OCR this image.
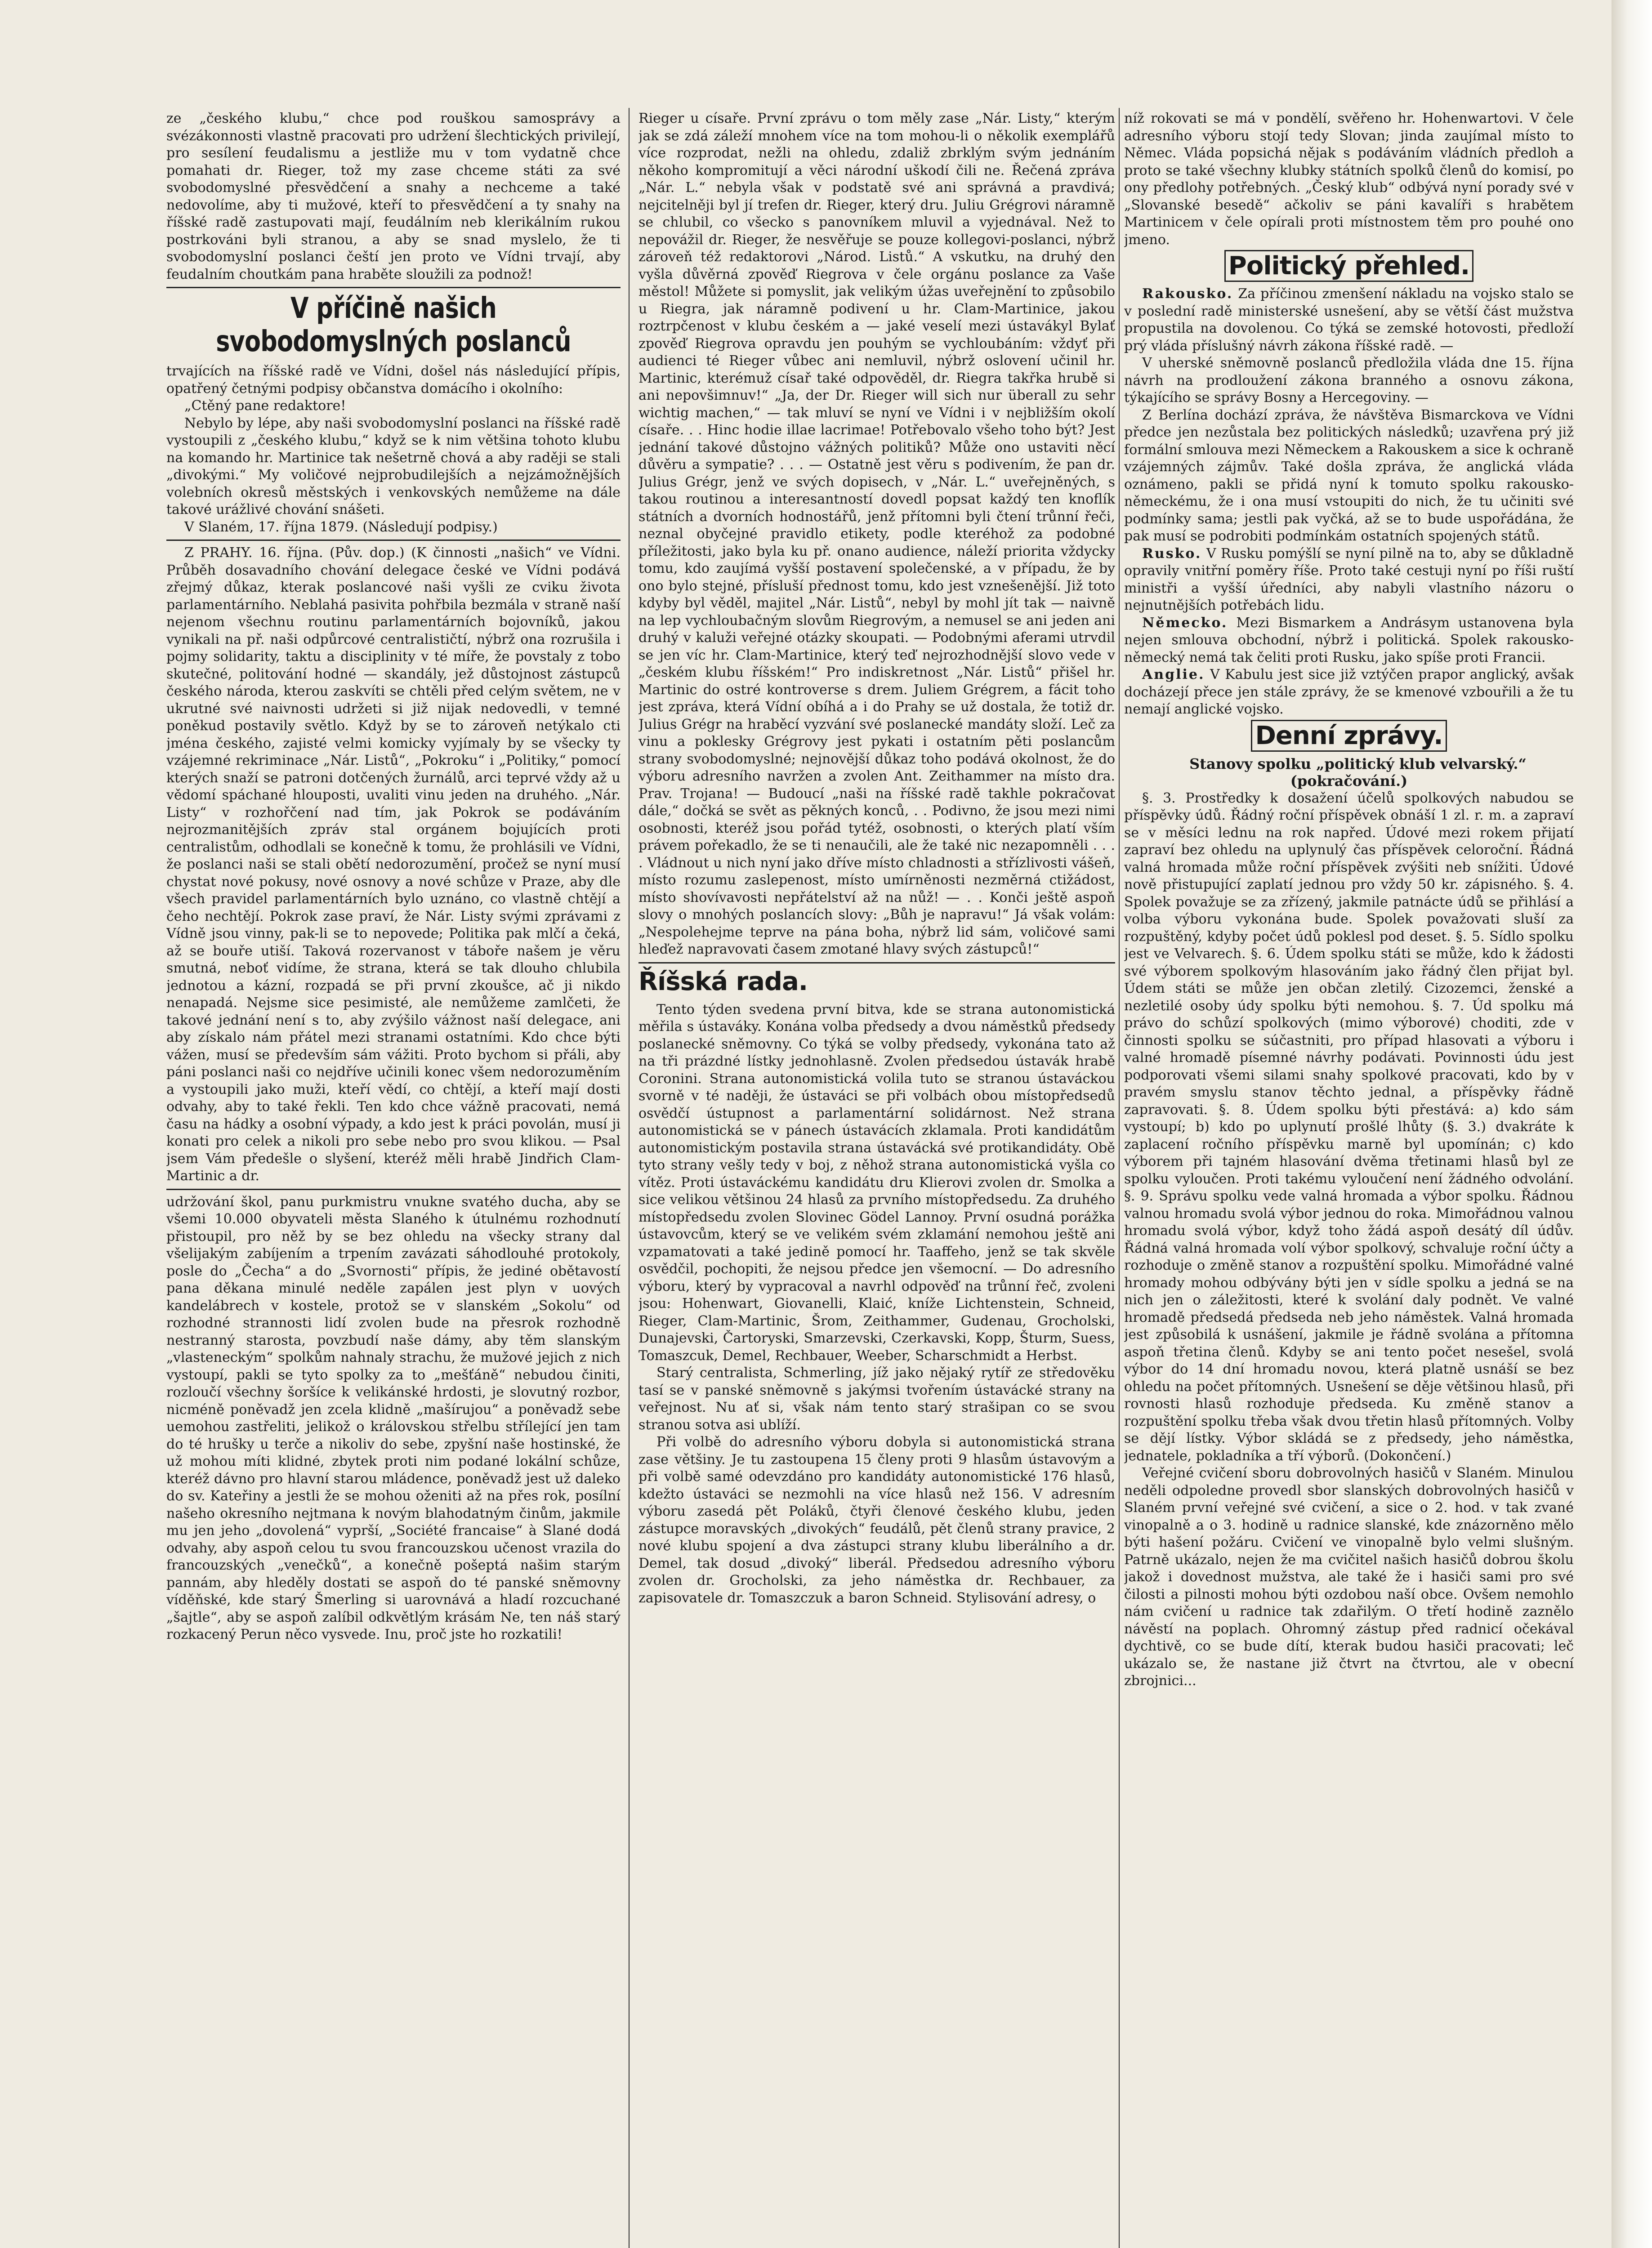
ze „českého klubu,“ chce pod rouškou samosprávy a svézákonnosti vlastně pracovati pro udržení šlechtických privilejí, pro sesílení feudalismu a jestliže mu v tom vydatně chce pomahati dr. Rieger, tož my zase chceme státi za své svobodomyslné přesvědčení a snahy a nechceme a také nedovolíme, aby ti mužové, kteří to přesvědčení a ty snahy na říšské radě zastupovati mají, feudálním neb klerikálním rukou postrkováni byli stranou, a aby se snad myslelo, že ti svobodomyslní poslanci čeští jen proto ve Vídni trvají, aby feudalním choutkám pana hraběte sloužili za podnož!

V příčině našich svobodomyslných poslanců

trvajících na říšské radě ve Vídni, došel nás následující přípis, opatřený četnými podpisy občanstva domácího i okolního:

„Ctěný pane redaktore!

Nebylo by lépe, aby naši svobodomyslní poslanci na říšské radě vystoupili z „českého klubu,“ když se k nim většina tohoto klubu na komando hr. Martinice tak nešetrně chová a aby raději se stali „divokými.“ My voličové nejprobudilejších a nejzámožnějších volebních okresů městských i venkovských nemůžeme na dále takové urážlivé chování snášeti.

V Slaném, 17. října 1879. (Následují podpisy.)

Z PRAHY. 16. října. (Pův. dop.) (K činnosti „našich“ ve Vídni. Průběh dosavadního chování delegace české ve Vídni podává zřejmý důkaz, kterak poslancové naši vyšli ze cviku života parlamentárního. Neblahá pasivita pohřbila bezmála v straně naší nejenom všechnu routinu parlamentárních bojovníků, jakou vynikali na př. naši odpůrcové centralističtí, nýbrž ona rozrušila i pojmy solidarity, taktu a disciplinity v té míře, že povstaly z tobo skutečné, politování hodné — skandály, jež důstojnost zástupců českého národa, kterou zaskvíti se chtěli před celým světem, ne v ukrutné své naivnosti udržeti si již nijak nedovedli, v temné poněkud postavily světlo. Když by se to zároveň netýkalo cti jména českého, zajisté velmi komicky vyjímaly by se všecky ty vzájemné rekriminace „Nár. Listů“, „Pokroku“ i „Politiky,“ pomocí kterých snaží se patroni dotčených žurnálů, arci teprvé vždy až u vědomí spáchané hlouposti, uvaliti vinu jeden na druhého. „Nár. Listy“ v rozhořčení nad tím, jak Pokrok se podáváním nejrozmanitějších zpráv stal orgánem bojujících proti centralistům, odhodlali se konečně k tomu, že prohlásili ve Vídni, že poslanci naši se stali obětí nedorozumění, pročež se nyní musí chystat nové pokusy, nové osnovy a nové schůze v Praze, aby dle všech pravidel parlamentárních bylo uznáno, co vlastně chtějí a čeho nechtějí. Pokrok zase praví, že Nár. Listy svými zprávami z Vídně jsou vinny, pak-li se to nepovede; Politika pak mlčí a čeká, až se bouře utiší. Taková rozervanost v táboře našem je věru smutná, neboť vidíme, že strana, která se tak dlouho chlubila jednotou a kázní, rozpadá se při první zkoušce, ač ji nikdo nenapadá. Nejsme sice pesimisté, ale nemůžeme zamlčeti, že takové jednání není s to, aby zvýšilo vážnost naší delegace, ani aby získalo nám přátel mezi stranami ostatními. Kdo chce býti vážen, musí se především sám vážiti. Proto bychom si přáli, aby páni poslanci naši co nejdříve učinili konec všem nedorozuměním a vystoupili jako muži, kteří vědí, co chtějí, a kteří mají dosti odvahy, aby to také řekli. Ten kdo chce vážně pracovati, nemá času na hádky a osobní výpady, a kdo jest k práci povolán, musí ji konati pro celek a nikoli pro sebe nebo pro svou klikou. — Psal jsem Vám předešle o slyšení, kteréž měli hrabě Jindřich Clam-Martinic a dr.

udržování škol, panu purkmistru vnukne svatého ducha, aby se všemi 10.000 obyvateli města Slaného k útulnému rozhodnutí přistoupil, pro něž by se bez ohledu na všecky strany dal všelijakým zabíjením a trpením zavázati sáhodlouhé protokoly, posle do „Čecha“ a do „Svornosti“ přípis, že jediné obětavostí pana děkana minulé neděle zapálen jest plyn v uových kandelábrech v kostele, protož se v slanském „Sokolu“ od rozhodné strannosti lidí zvolen bude na přesrok rozhodně nestranný starosta, povzbudí naše dámy, aby těm slanským „vlasteneckým“ spolkům nahnaly strachu, že mužové jejich z nich vystoupí, pakli se tyto spolky za to „mešťáně“ nebudou činiti, rozloučí všechny šoršíce k velikánské hrdosti, je slovutný rozbor, nicméně poněvadž jen zcela klidně „mašírujou“ a poněvadž sebe uemohou zastřeliti, jelikož o královskou střelbu střílející jen tam do té hrušky u terče a nikoliv do sebe, zpyšní naše hostinské, že už mohou míti klidné, zbytek proti nim podané lokální schůze, kteréž dávno pro hlavní starou mládence, poněvadž jest už daleko do sv. Kateřiny a jestli že se mohou oženiti až na přes rok, posílní našeho okresního nejtmana k novým blahodatným činům, jakmile mu jen jeho „dovolená“ vyprší, „Société francaise“ à Slané dodá odvahy, aby aspoň celou tu svou francouzskou učenost vrazila do francouzských „venečků“, a konečně pošeptá našim starým pannám, aby hleděly dostati se aspoň do té panské sněmovny víděňské, kde starý Šmerling si uarovnává a hladí rozcuchané „šajtle“, aby se aspoň zalíbil odkvětlým krásám Ne, ten náš starý rozkacený Perun něco vysvede. Inu, proč jste ho rozkatili!

Rieger u císaře. První zprávu o tom měly zase „Nár. Listy,“ kterým jak se zdá záleží mnohem více na tom mohou-li o několik exemplářů více rozprodat, nežli na ohledu, zdaliž zbrklým svým jednáním někoho kompromitují a věci národní uškodí čili ne. Řečená zpráva „Nár. L.“ nebyla však v podstatě své ani správná a pravdivá; nejcitelněji byl jí trefen dr. Rieger, který dru. Juliu Grégrovi náramně se chlubil, co všecko s panovníkem mluvil a vyjednával. Než to nepovážil dr. Rieger, že nesvěřuje se pouze kollegovi-poslanci, nýbrž zároveň též redaktorovi „Národ. Listů.“ A vskutku, na druhý den vyšla důvěrná zpověď Riegrova v čele orgánu poslance za Vaše městol! Můžete si pomyslit, jak velikým úžas uveřejnění to způsobilo u Riegra, jak náramně podivení u hr. Clam-Martinice, jakou roztrpčenost v klubu českém a — jaké veselí mezi ústavákyl Bylať zpověď Riegrova opravdu jen pouhým se vychloubáním: vždyť při audienci té Rieger vůbec ani nemluvil, nýbrž oslovení učinil hr. Martinic, kterémuž císař také odpověděl, dr. Riegra takřka hrubě si ani nepovšimnuv!“ „Ja, der Dr. Rieger will sich nur überall zu sehr wichtig machen,“ — tak mluví se nyní ve Vídni i v nejbližším okolí císaře. . . Hinc hodie illae lacrimae! Potřebovalo všeho toho být? Jest jednání takové důstojno vážných politiků? Může ono ustaviti něcí důvěru a sympatie? . . . — Ostatně jest věru s podivením, že pan dr. Julius Grégr, jenž ve svých dopisech, v „Nár. L.“ uveřejněných, s takou routinou a interesantností dovedl popsat každý ten knoflík státních a dvorních hodnostářů, jenž přítomni byli čtení trůnní řeči, neznal obyčejné pravidlo etikety, podle kteréhož za podobné příležitosti, jako byla ku př. onano audience, náleží priorita vždycky tomu, kdo zaujímá vyšší postavení společenské, a v případu, že by ono bylo stejné, přísluší přednost tomu, kdo jest vznešenější. Již toto kdyby byl věděl, majitel „Nár. Listů“, nebyl by mohl jít tak — naivně na lep vychloubačným slovům Riegrovým, a nemusel se ani jeden ani druhý v kaluži veřejné otázky skoupati. — Podobnými aferami utrvdil se jen víc hr. Clam-Martinice, který teď nejrozhodnější slovo vede v „českém klubu říšském!“ Pro indiskretnost „Nár. Listů“ přišel hr. Martinic do ostré kontroverse s drem. Juliem Grégrem, a fácit toho jest zpráva, která Vídní obíhá a i do Prahy se už dostala, že totiž dr. Julius Grégr na hraběcí vyzvání své poslanecké mandáty složí. Leč za vinu a poklesky Grégrovy jest pykati i ostatním pěti poslancům strany svobodomyslné; nejnovější důkaz toho podává okolnost, že do výboru adresního navržen a zvolen Ant. Zeithammer na místo dra. Prav. Trojana! — Budoucí „naši na říšské radě takhle pokračovat dále,“ dočká se svět as pěkných konců, . . Podivno, že jsou mezi nimi osobnosti, kteréž jsou pořád tytéž, osobnosti, o kterých platí vším právem pořekadlo, že se ti nenaučili, ale že také nic nezapomněli . . . . Vládnout u nich nyní jako dříve místo chladnosti a střízlivosti vášeň, místo rozumu zaslepenost, místo umírněnosti nezměrná ctižádost, místo shovívavosti nepřátelství až na nůž! — . . Konči ještě aspoň slovy o mnohých poslancích slovy: „Bůh je napravu!“ Já však volám: „Nespolehejme teprve na pána boha, nýbrž lid sám, voličové sami hleďež napravovati časem zmotané hlavy svých zástupců!“

Říšská rada.

Tento týden svedena první bitva, kde se strana autonomistická měřila s ústaváky. Konána volba předsedy a dvou náměstků předsedy poslanecké sněmovny. Co týká se volby předsedy, vykonána tato až na tři prázdné lístky jednohlasně. Zvolen předsedou ústavák hrabě Coronini. Strana autonomistická volila tuto se stranou ústaváckou svorně v té naději, že ústaváci se při volbách obou místopředsedů osvědčí ústupnost a parlamentární solidárnost. Než strana autonomistická se v pánech ústavácích zklamala. Proti kandidátům autonomistickým postavila strana ústavácká své protikandidáty. Obě tyto strany vešly tedy v boj, z něhož strana autonomistická vyšla co vítěz. Proti ústaváckému kandidátu dru Klierovi zvolen dr. Smolka a sice velikou většinou 24 hlasů za prvního místopředsedu. Za druhého místopředsedu zvolen Slovinec Gödel Lannoy. První osudná porážka ústavovcům, který se ve velikém svém zklamání nemohou ještě ani vzpamatovati a také jedině pomocí hr. Taaffeho, jenž se tak skvěle osvědčil, pochopiti, že nejsou předce jen všemocní. — Do adresního výboru, který by vypracoval a navrhl odpověď na trůnní řeč, zvoleni jsou: Hohenwart, Giovanelli, Klaić, kníže Lichtenstein, Schneid, Rieger, Clam-Martinic, Šrom, Zeithammer, Gudenau, Grocholski, Dunajevski, Čartoryski, Smarzevski, Czerkavski, Kopp, Šturm, Suess, Tomaszcuk, Demel, Rechbauer, Weeber, Scharschmidt a Herbst.

Starý centralista, Schmerling, jíž jako nějaký rytíř ze středověku tasí se v panské sněmovně s jakýmsi tvořením ústavácké strany na veřejnost. Nu ať si, však nám tento starý strašipan co se svou stranou sotva asi ublíží.

Při volbě do adresního výboru dobyla si autonomistická strana zase většiny. Je tu zastoupena 15 členy proti 9 hlasům ústavovým a při volbě samé odevzdáno pro kandidáty autonomistické 176 hlasů, kdežto ústaváci se nezmohli na více hlasů než 156. V adresním výboru zasedá pět Poláků, čtyři členové českého klubu, jeden zástupce moravských „divokých“ feudálů, pět členů strany pravice, 2 nové klubu spojení a dva zástupci strany klubu liberálního a dr. Demel, tak dosud „divoký“ liberál. Předsedou adresního výboru zvolen dr. Grocholski, za jeho náměstka dr. Rechbauer, za zapisovatele dr. Tomaszczuk a baron Schneid. Stylisování adresy, o

níž rokovati se má v pondělí, svěřeno hr. Hohenwartovi. V čele adresního výboru stojí tedy Slovan; jinda zaujímal místo to Němec. Vláda popsichá nějak s podáváním vládních předloh a proto se také všechny klubky státních spolků členů do komisí, po ony předlohy potřebných. „Český klub“ odbývá nyní porady své v „Slovanské besedě“ ačkoliv se páni kavalíři s hrabětem Martinicem v čele opírali proti místnostem těm pro pouhé ono jmeno.

Politický přehled.

Rakousko. Za příčinou zmenšení nákladu na vojsko stalo se v poslední radě ministerské usnešení, aby se větší část mužstva propustila na dovolenou. Co týká se zemské hotovosti, předloží prý vláda příslušný návrh zákona říšské radě. —

V uherské sněmovně poslanců předložila vláda dne 15. října návrh na prodloužení zákona branného a osnovu zákona, týkajícího se správy Bosny a Hercegoviny. —

Z Berlína dochází zpráva, že návštěva Bismarckova ve Vídni předce jen nezůstala bez politických následků; uzavřena prý již formální smlouva mezi Německem a Rakouskem a sice k ochraně vzájemných zájmův. Také došla zpráva, že anglická vláda oznámeno, pakli se přidá nyní k tomuto spolku rakousko-německému, že i ona musí vstoupiti do nich, že tu učiniti své podmínky sama; jestli pak vyčká, až se to bude uspořádána, že pak musí se podrobiti podmínkám ostatních spojených států.

Rusko. V Rusku pomýšlí se nyní pilně na to, aby se důkladně opravily vnitřní poměry říše. Proto také cestuji nyní po říši ruští ministři a vyšší úředníci, aby nabyli vlastního názoru o nejnutnějších potřebách lidu.

Německo. Mezi Bismarkem a Andrásym ustanovena byla nejen smlouva obchodní, nýbrž i politická. Spolek rakousko-německý nemá tak čeliti proti Rusku, jako spíše proti Francii.

Anglie. V Kabulu jest sice již vztýčen prapor anglický, avšak docházejí přece jen stále zprávy, že se kmenové vzbouřili a že tu nemají anglické vojsko.

Denní zprávy.

Stanovy spolku „politický klub velvarský.“ (pokračování.)

§. 3. Prostředky k dosažení účelů spolkových nabudou se příspěvky údů. Řádný roční příspěvek obnáší 1 zl. r. m. a zapraví se v měsíci lednu na rok napřed. Údové mezi rokem přijatí zapraví bez ohledu na uplynulý čas příspěvek celoroční. Řádná valná hromada může roční příspěvek zvýšiti neb snížiti. Údové nově přistupující zaplatí jednou pro vždy 50 kr. zápisného. §. 4. Spolek považuje se za zřízený, jakmile patnácte údů se přihlásí a volba výboru vykonána bude. Spolek považovati sluší za rozpuštěný, kdyby počet údů poklesl pod deset. §. 5. Sídlo spolku jest ve Velvarech. §. 6. Údem spolku státi se může, kdo k žádosti své výborem spolkovým hlasováním jako řádný člen přijat byl. Údem státi se může jen občan zletilý. Cizozemci, ženské a nezletilé osoby údy spolku býti nemohou. §. 7. Úd spolku má právo do schůzí spolkových (mimo výborové) choditi, zde v činnosti spolku se súčastniti, pro případ hlasovati a výboru i valné hromadě písemné návrhy podávati. Povinnosti údu jest podporovati všemi silami snahy spolkové pracovati, kdo by v pravém smyslu stanov těchto jednal, a příspěvky řádně zapravovati. §. 8. Údem spolku býti přestává: a) kdo sám vystoupí; b) kdo po uplynutí prošlé lhůty (§. 3.) dvakráte k zaplacení ročního příspěvku marně byl upomínán; c) kdo výborem při tajném hlasování dvěma třetinami hlasů byl ze spolku vyloučen. Proti takému vyloučení není žádného odvolání. §. 9. Správu spolku vede valná hromada a výbor spolku. Řádnou valnou hromadu svolá výbor jednou do roka. Mimořádnou valnou hromadu svolá výbor, když toho žádá aspoň desátý díl údův. Řádná valná hromada volí výbor spolkový, schvaluje roční účty a rozhoduje o změně stanov a rozpuštění spolku. Mimořádné valné hromady mohou odbývány býti jen v sídle spolku a jedná se na nich jen o záležitosti, které k svolání daly podnět. Ve valné hromadě předsedá předseda neb jeho náměstek. Valná hromada jest způsobilá k usnášení, jakmile je řádně svolána a přítomna aspoň třetina členů. Kdyby se ani tento počet nesešel, svolá výbor do 14 dní hromadu novou, která platně usnáší se bez ohledu na počet přítomných. Usnešení se děje většinou hlasů, při rovnosti hlasů rozhoduje předseda. Ku změně stanov a rozpuštění spolku třeba však dvou třetin hlasů přítomných. Volby se dějí lístky. Výbor skládá se z předsedy, jeho náměstka, jednatele, pokladníka a tří výborů. (Dokončení.)

Veřejné cvičení sboru dobrovolných hasičů v Slaném. Minulou neděli odpoledne provedl sbor slanských dobrovolných hasičů v Slaném první veřejné své cvičení, a sice o 2. hod. v tak zvané vinopalně a o 3. hodině u radnice slanské, kde znázorněno mělo býti hašení požáru. Cvičení ve vinopalně bylo velmi slušným. Patrně ukázalo, nejen že ma cvičitel našich hasičů dobrou školu jakož i dovednost mužstva, ale také že i hasiči sami pro své čilosti a pilnosti mohou býti ozdobou naší obce. Ovšem nemohlo nám cvičení u radnice tak zdařilým. O třetí hodině zaznělo návěstí na poplach. Ohromný zástup před radnicí očekával dychtivě, co se bude dítí, kterak budou hasiči pracovati; leč ukázalo se, že nastane již čtvrt na čtvrtou, ale v obecní zbrojnici...
